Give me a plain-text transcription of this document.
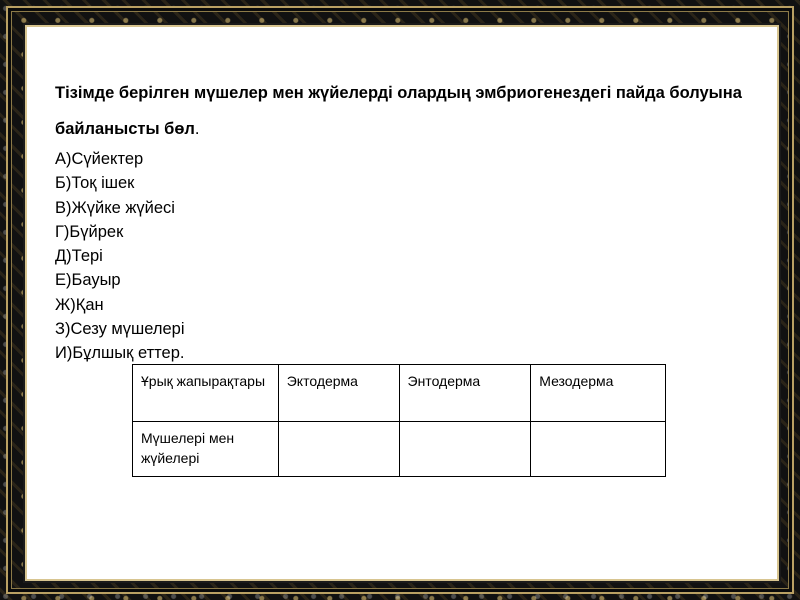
Тізімде берілген мүшелер мен жүйелерді олардың эмбриогенездегі пайда болуына байланысты бөл.

А)Сүйектер
Б)Тоқ ішек
В)Жүйке жүйесі
Г)Бүйрек
Д)Тері
Е)Бауыр
Ж)Қан
З)Сезу мүшелері
И)Бұлшық еттер.
Ұрық жапырақтары	Эктодерма	Энтодерма	Мезодерма
Мүшелері мен жүйелері			
